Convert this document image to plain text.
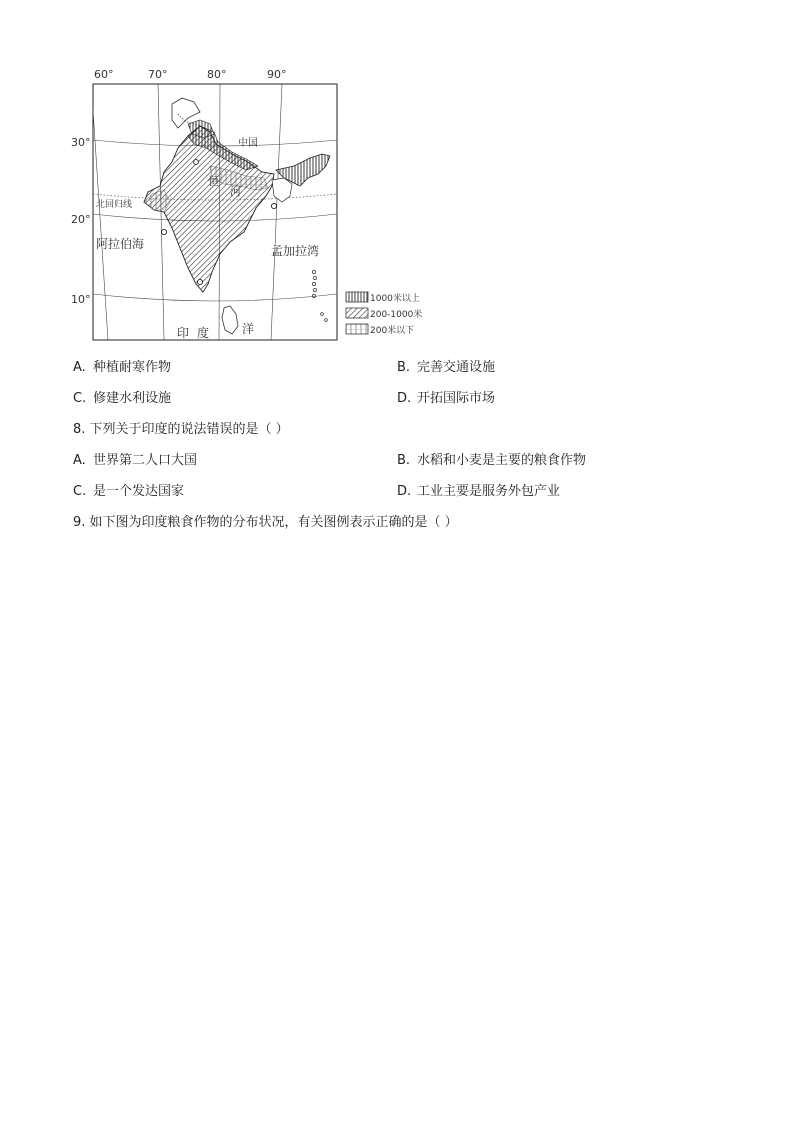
60°	70°	80°	90°
30°
20°
10°
中国
北回归线
阿拉伯海	孟加拉湾
恒
河
印 度	洋
1000米以上
200-1000米
200米以下
A. 种植耐寒作物	B. 完善交通设施
C. 修建水利设施	D. 开拓国际市场
8. 下列关于印度的说法错误的是（ ）
A. 世界第二人口大国	B. 水稻和小麦是主要的粮食作物
C. 是一个发达国家	D. 工业主要是服务外包产业
9. 如下图为印度粮食作物的分布状况，有关图例表示正确的是（ ）
